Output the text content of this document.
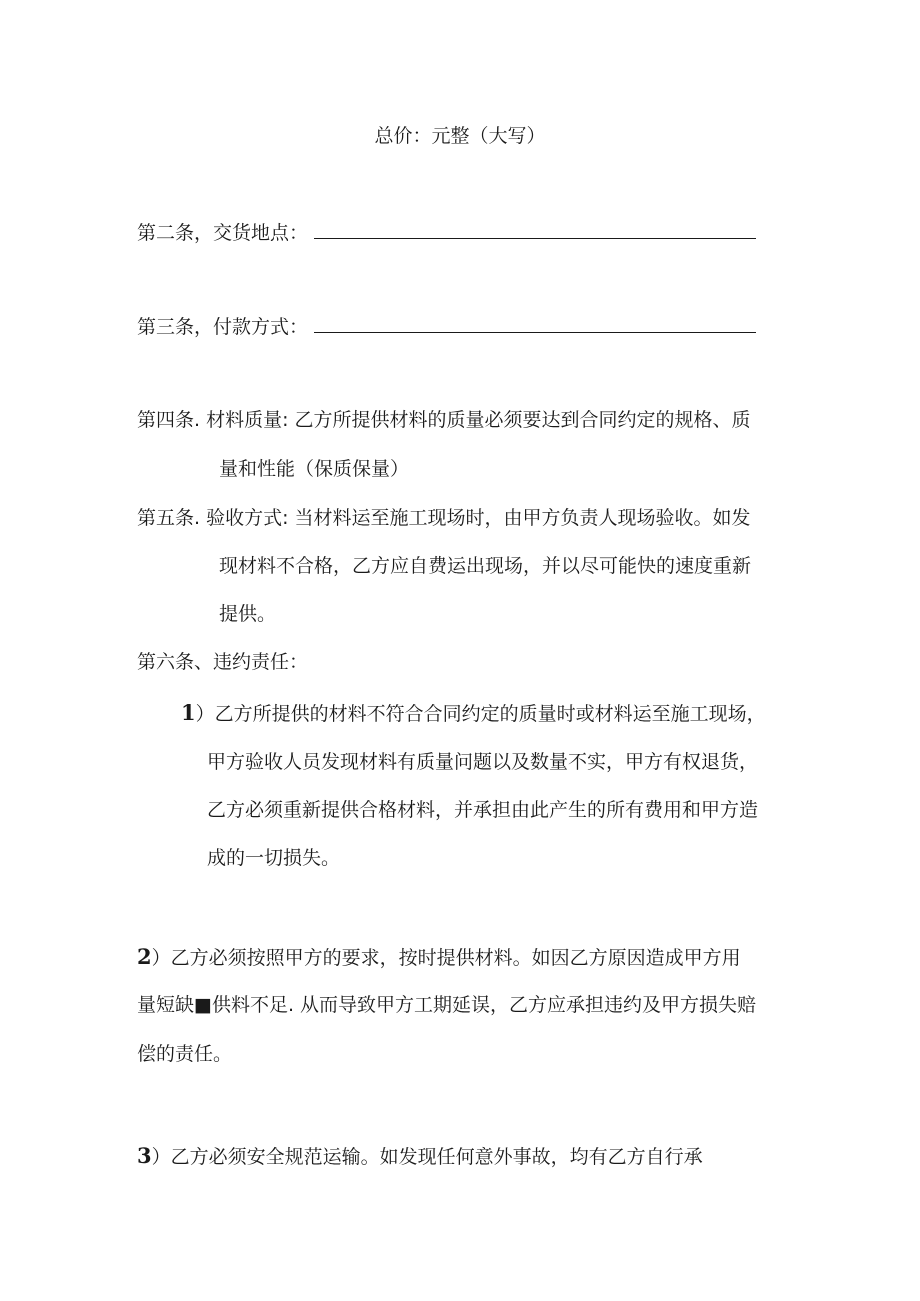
总价：元整（大写）
第二条，交货地点：
第三条，付款方式：
第四条. 材料质量: 乙方所提供材料的质量必须要达到合同约定的规格、质
量和性能（保质保量）
第五条. 验收方式: 当材料运至施工现场时，由甲方负责人现场验收。如发
现材料不合格，乙方应自费运出现场，并以尽可能快的速度重新
提供。
第六条、违约责任：
1）乙方所提供的材料不符合合同约定的质量时或材料运至施工现场，
甲方验收人员发现材料有质量问题以及数量不实，甲方有权退货，
乙方必须重新提供合格材料，并承担由此产生的所有费用和甲方造
成的一切损失。
2）乙方必须按照甲方的要求，按时提供材料。如因乙方原因造成甲方用
量短缺■供料不足. 从而导致甲方工期延误，乙方应承担违约及甲方损失赔
偿的责任。
3）乙方必须安全规范运输。如发现任何意外事故，均有乙方自行承
